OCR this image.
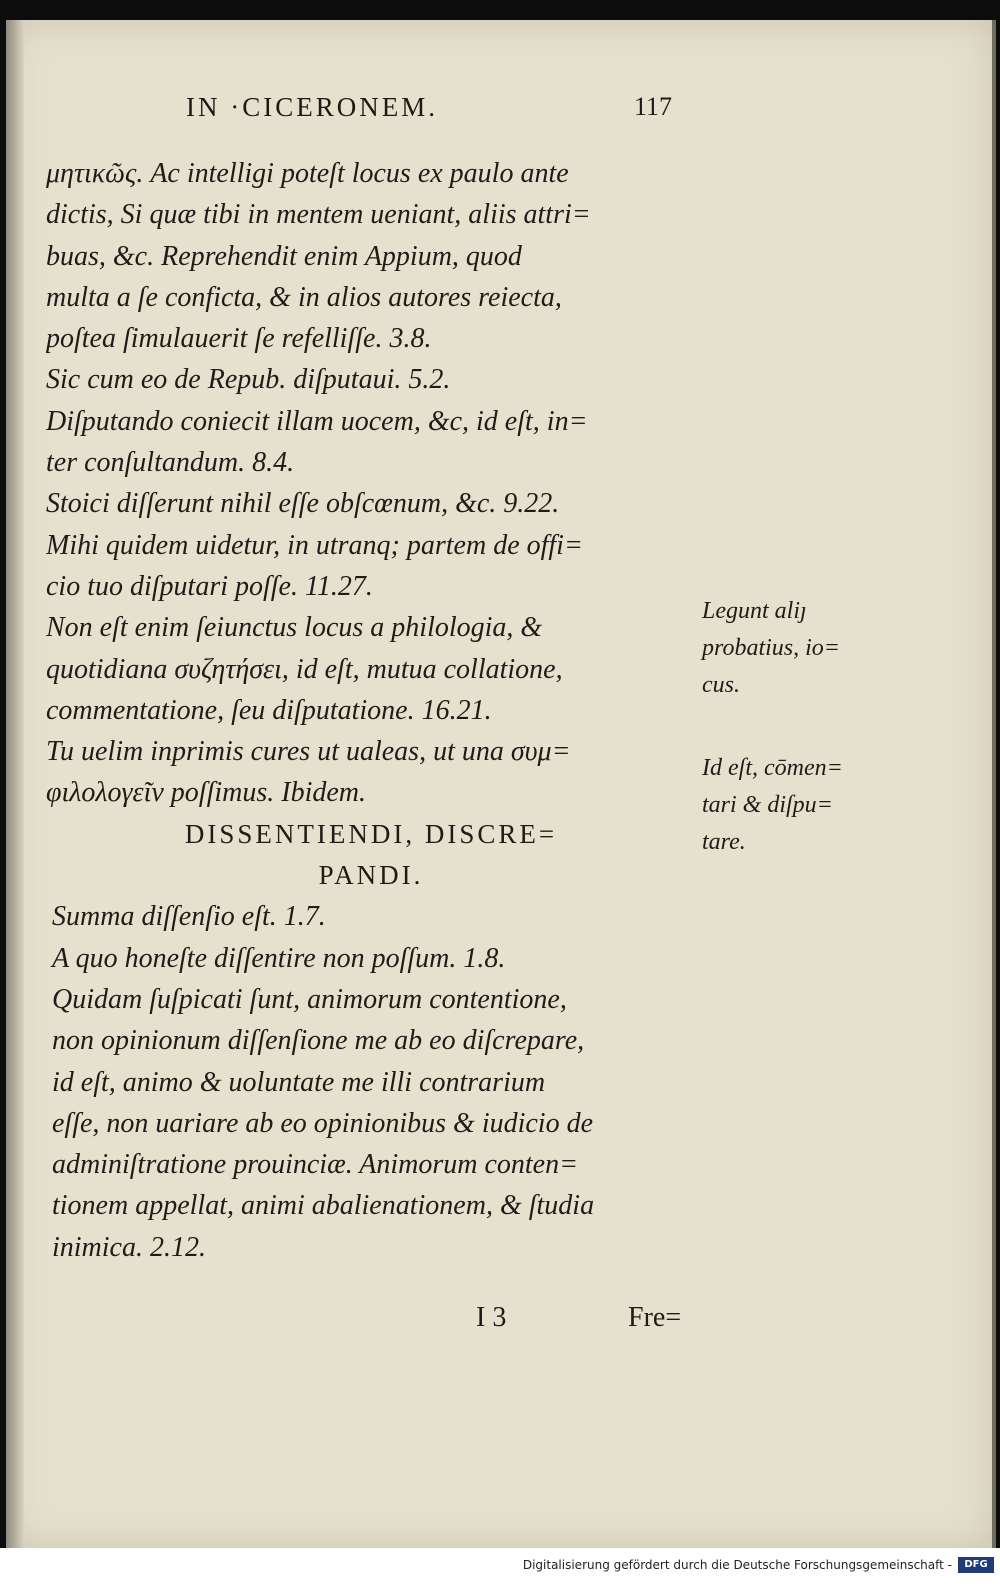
IN ·CICERONEM.	117
μητικῶς. Ac intelligi poteſt locus ex paulo ante
dictis, Si quæ tibi in mentem ueniant, aliis attri=
buas, &c. Reprehendit enim Appium, quod
multa a ſe conficta, & in alios autores reiecta,
poſtea ſimulauerit ſe refelliſſe. 3.8.
Sic cum eo de Repub. diſputaui. 5.2.
Diſputando coniecit illam uocem, &c, id eſt, in=
ter conſultandum. 8.4.
Stoici diſſerunt nihil eſſe obſcœnum, &c. 9.22.
Mihi quidem uidetur, in utranq; partem de offi=
cio tuo diſputari poſſe. 11.27.
Non eſt enim ſeiunctus locus a philologia, &
quotidiana συζητήσει, id eſt, mutua collatione,
commentatione, ſeu diſputatione. 16.21.
Tu uelim inprimis cures ut ualeas, ut una συμ=
φιλολογεῖν poſſimus. Ibidem.
DISSENTIENDI, DISCRE=
PANDI.
Summa diſſenſio eſt. 1.7.
A quo honeſte diſſentire non poſſum. 1.8.
Quidam ſuſpicati ſunt, animorum contentione,
non opinionum diſſenſione me ab eo diſcrepare,
id eſt, animo & uoluntate me illi contrarium
eſſe, non uariare ab eo opinionibus & iudicio de
adminiſtratione prouinciæ. Animorum conten=
tionem appellat, animi abalienationem, & ſtudia
inimica. 2.12.
Legunt aliȷ
probatius, io=
cus.
Id eſt, cōmen=
tari & diſpu=
tare.
I 3	Fre=
Digitalisierung gefördert durch die Deutsche Forschungsgemeinschaft -	DFG
